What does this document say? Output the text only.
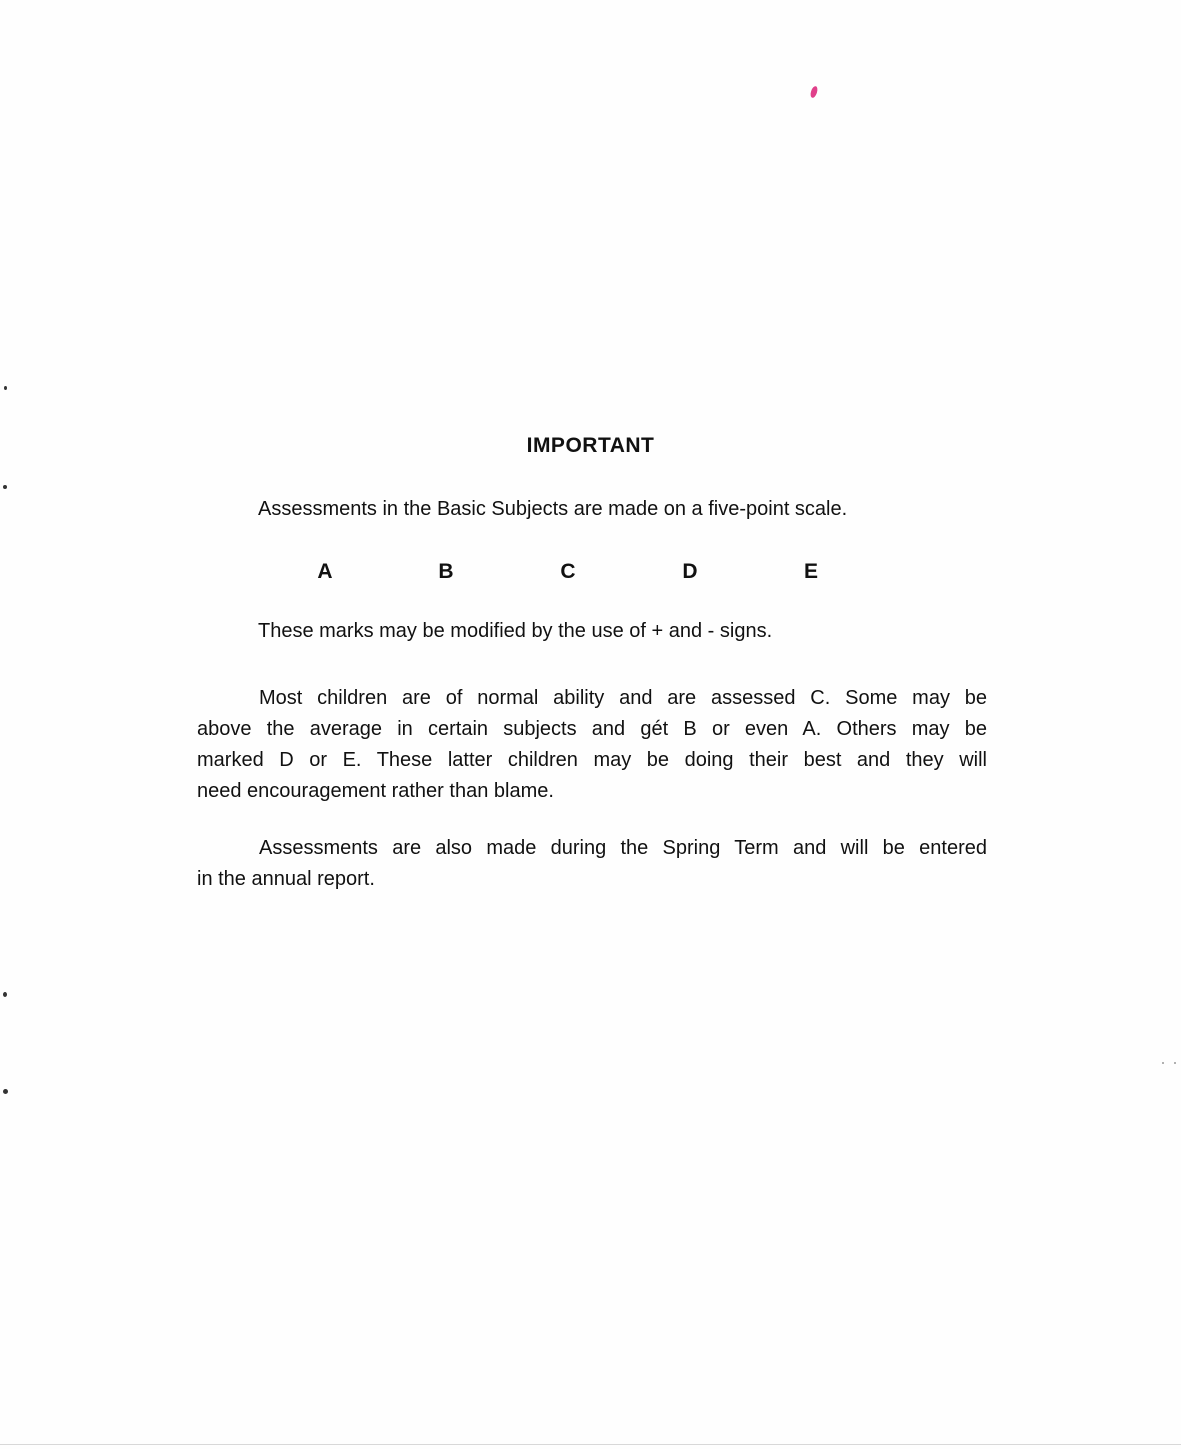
IMPORTANT
Assessments in the Basic Subjects are made on a five-point scale.
A	B	C	D	E
These marks may be modified by the use of + and - signs.
Most children are of normal ability and are assessed C. Some may be
above the average in certain subjects and gét B or even A. Others may be
marked D or E. These latter children may be doing their best and they will
need encouragement rather than blame.
Assessments are also made during the Spring Term and will be entered
in the annual report.
